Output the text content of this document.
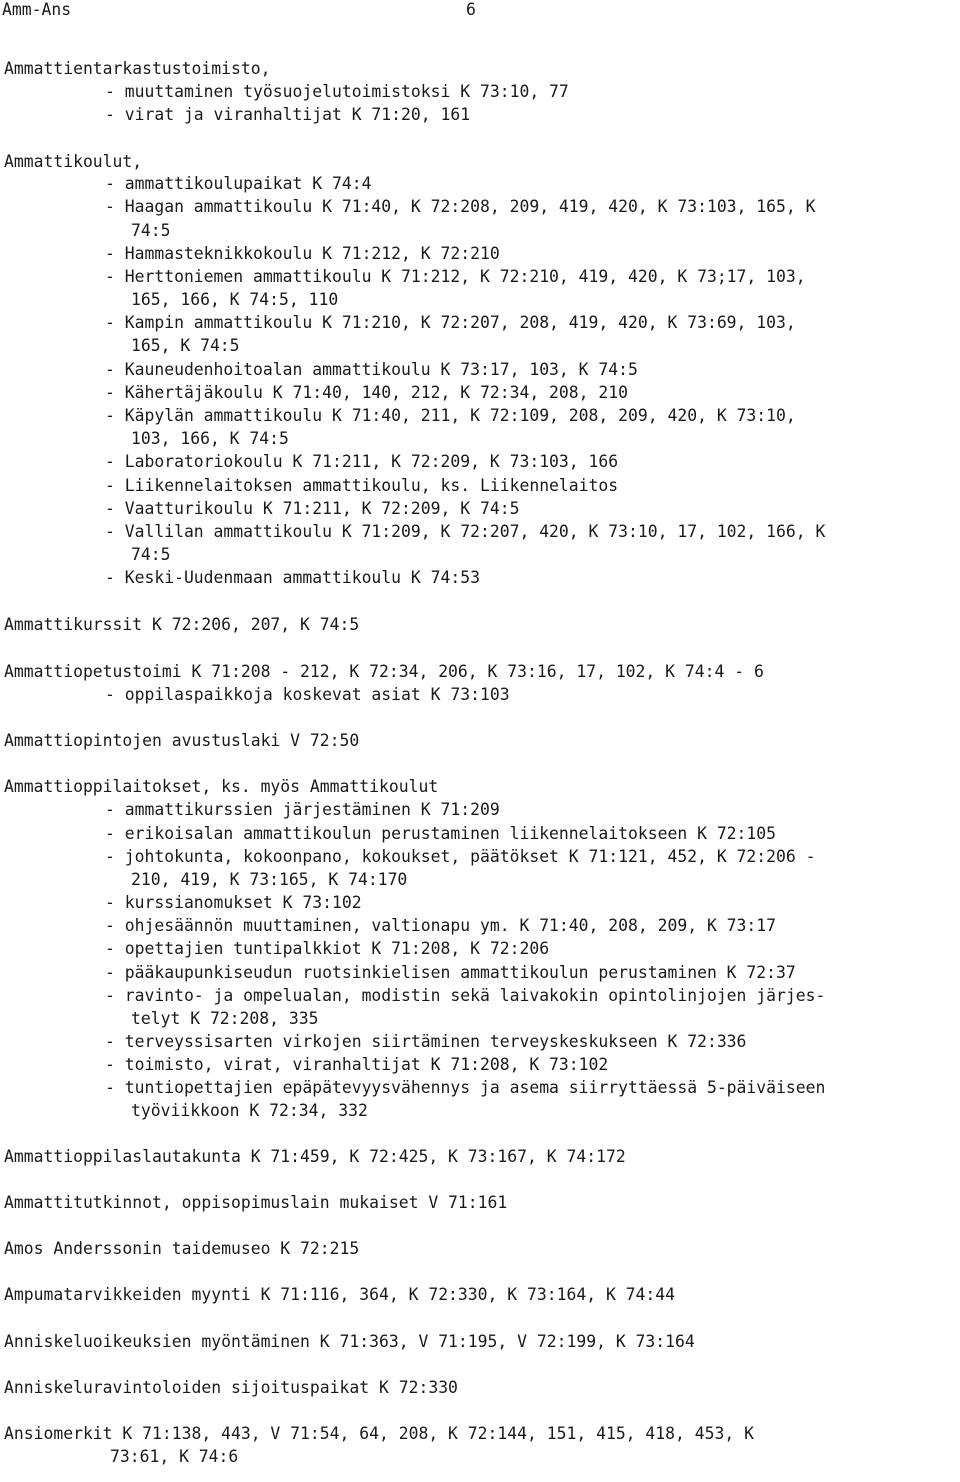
Amm-Ans	6
Ammattientarkastustoimisto,
- muuttaminen työsuojelutoimistoksi K 73:10, 77
- virat ja viranhaltijat K 71:20, 161
Ammattikoulut,
- ammattikoulupaikat K 74:4
- Haagan ammattikoulu K 71:40, K 72:208, 209, 419, 420, K 73:103, 165, K
74:5
- Hammasteknikkokoulu K 71:212, K 72:210
- Herttoniemen ammattikoulu K 71:212, K 72:210, 419, 420, K 73;17, 103,
165, 166, K 74:5, 110
- Kampin ammattikoulu K 71:210, K 72:207, 208, 419, 420, K 73:69, 103,
165, K 74:5
- Kauneudenhoitoalan ammattikoulu K 73:17, 103, K 74:5
- Kähertäjäkoulu K 71:40, 140, 212, K 72:34, 208, 210
- Käpylän ammattikoulu K 71:40, 211, K 72:109, 208, 209, 420, K 73:10,
103, 166, K 74:5
- Laboratoriokoulu K 71:211, K 72:209, K 73:103, 166
- Liikennelaitoksen ammattikoulu, ks. Liikennelaitos
- Vaatturikoulu K 71:211, K 72:209, K 74:5
- Vallilan ammattikoulu K 71:209, K 72:207, 420, K 73:10, 17, 102, 166, K
74:5
- Keski-Uudenmaan ammattikoulu K 74:53
Ammattikurssit K 72:206, 207, K 74:5
Ammattiopetustoimi K 71:208 - 212, K 72:34, 206, K 73:16, 17, 102, K 74:4 - 6
- oppilaspaikkoja koskevat asiat K 73:103
Ammattiopintojen avustuslaki V 72:50
Ammattioppilaitokset, ks. myös Ammattikoulut
- ammattikurssien järjestäminen K 71:209
- erikoisalan ammattikoulun perustaminen liikennelaitokseen K 72:105
- johtokunta, kokoonpano, kokoukset, päätökset K 71:121, 452, K 72:206 -
210, 419, K 73:165, K 74:170
- kurssianomukset K 73:102
- ohjesäännön muuttaminen, valtionapu ym. K 71:40, 208, 209, K 73:17
- opettajien tuntipalkkiot K 71:208, K 72:206
- pääkaupunkiseudun ruotsinkielisen ammattikoulun perustaminen K 72:37
- ravinto- ja ompelualan, modistin sekä laivakokin opintolinjojen järjes-
telyt K 72:208, 335
- terveyssisarten virkojen siirtäminen terveyskeskukseen K 72:336
- toimisto, virat, viranhaltijat K 71:208, K 73:102
- tuntiopettajien epäpätevyysvähennys ja asema siirryttäessä 5-päiväiseen
työviikkoon K 72:34, 332
Ammattioppilaslautakunta K 71:459, K 72:425, K 73:167, K 74:172
Ammattitutkinnot, oppisopimuslain mukaiset V 71:161
Amos Anderssonin taidemuseo K 72:215
Ampumatarvikkeiden myynti K 71:116, 364, K 72:330, K 73:164, K 74:44
Anniskeluoikeuksien myöntäminen K 71:363, V 71:195, V 72:199, K 73:164
Anniskeluravintoloiden sijoituspaikat K 72:330
Ansiomerkit K 71:138, 443, V 71:54, 64, 208, K 72:144, 151, 415, 418, 453, K
73:61, K 74:6
